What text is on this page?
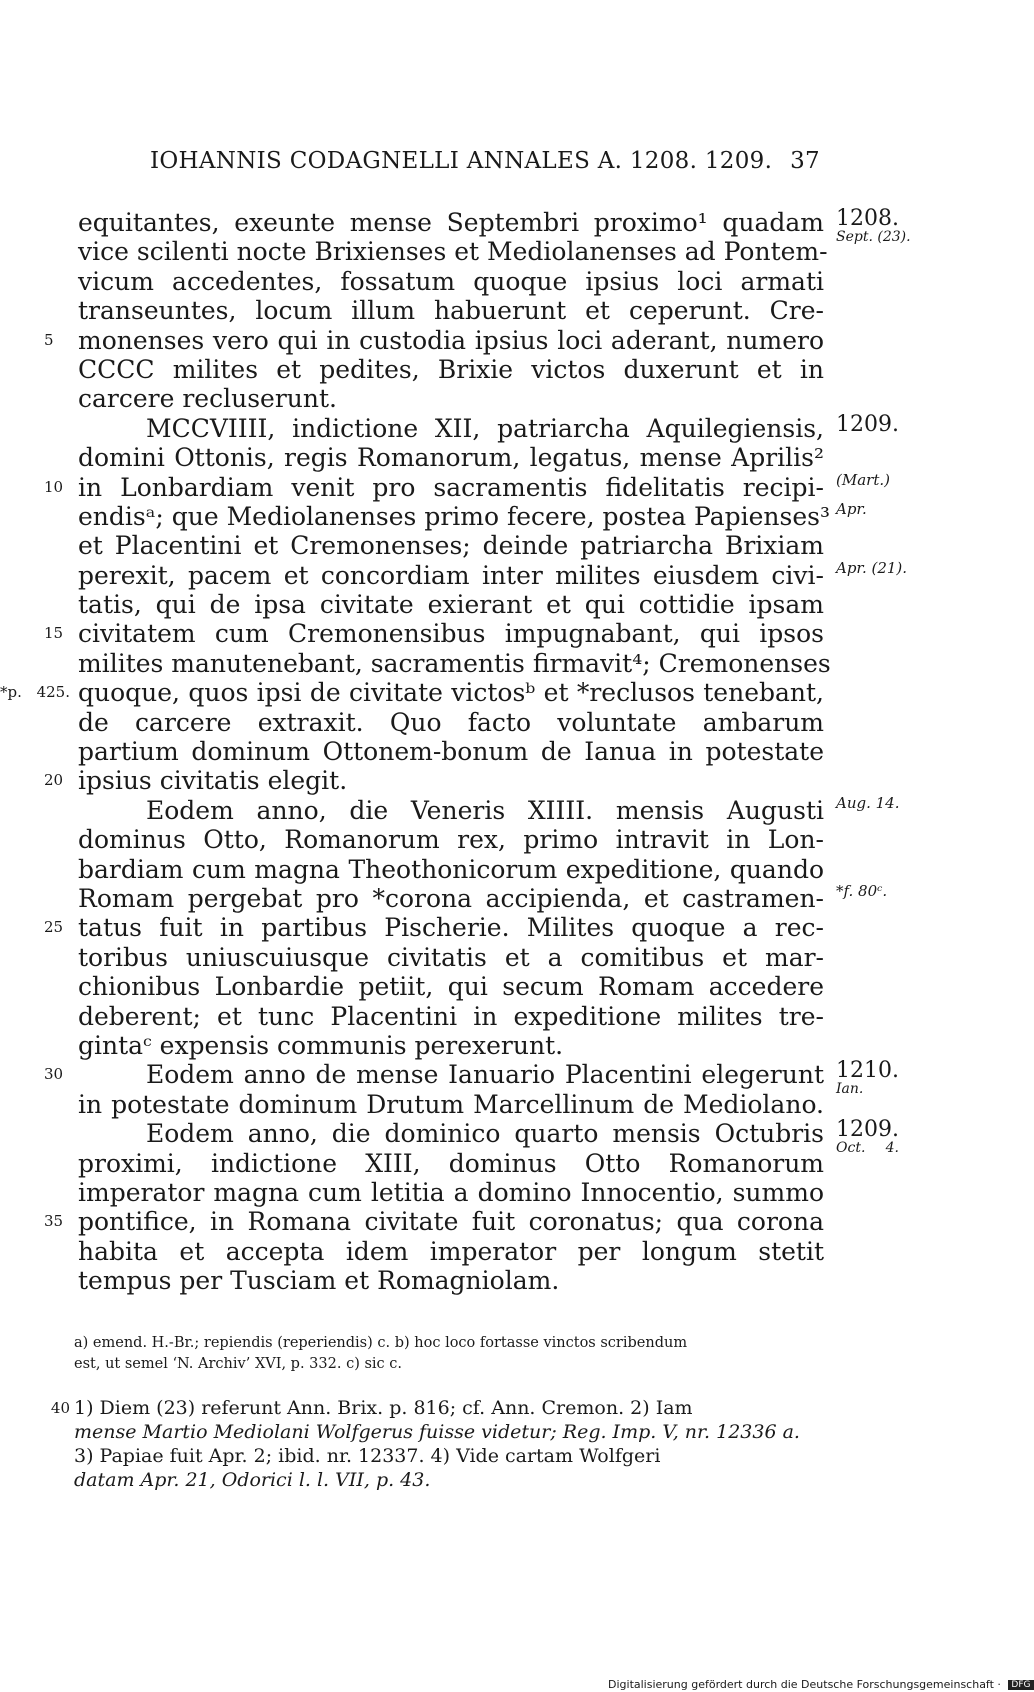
IOHANNIS CODAGNELLI ANNALES A. 1208. 1209. 37
equitantes, exeunte mense Septembri proximo¹ quadam 1208.
Sept. (23).
vice scilenti nocte Brixienses et Mediolanenses ad Pontem-
vicum accedentes, fossatum quoque ipsius loci armati
transeuntes, locum illum habuerunt et ceperunt. Cre-
5 monenses vero qui in custodia ipsius loci aderant, numero
CCCC milites et pedites, Brixie victos duxerunt et in
carcere recluserunt.
MCCVIIII, indictione XII, patriarcha Aquilegiensis, 1209.
domini Ottonis, regis Romanorum, legatus, mense Aprilis²
10 in Lonbardiam venit pro sacramentis fidelitatis recipi- (Mart.)
endisᵃ; que Mediolanenses primo fecere, postea Papienses³ Apr.
et Placentini et Cremonenses; deinde patriarcha Brixiam
perexit, pacem et concordiam inter milites eiusdem civi- Apr. (21).
tatis, qui de ipsa civitate exierant et qui cottidie ipsam
15 civitatem cum Cremonensibus impugnabant, qui ipsos
milites manutenebant, sacramentis firmavit⁴; Cremonenses
*p. 425. quoque, quos ipsi de civitate victosᵇ et *reclusos tenebant,
de carcere extraxit. Quo facto voluntate ambarum
partium dominum Ottonem-bonum de Ianua in potestate
20 ipsius civitatis elegit.
Eodem anno, die Veneris XIIII. mensis Augusti Aug. 14.
dominus Otto, Romanorum rex, primo intravit in Lon-
bardiam cum magna Theothonicorum expeditione, quando
Romam pergebat pro *corona accipienda, et castramen- *f. 80ᶜ.
25 tatus fuit in partibus Pischerie. Milites quoque a rec-
toribus uniuscuiusque civitatis et a comitibus et mar-
chionibus Lonbardie petiit, qui secum Romam accedere
deberent; et tunc Placentini in expeditione milites tre-
gintaᶜ expensis communis perexerunt.
30	Eodem anno de mense Ianuario Placentini elegerunt 1210.
Ian.
in potestate dominum Drutum Marcellinum de Mediolano.
Eodem anno, die dominico quarto mensis Octubris 1209.
Oct. 4.
proximi, indictione XIII, dominus Otto Romanorum
imperator magna cum letitia a domino Innocentio, summo
35 pontifice, in Romana civitate fuit coronatus; qua corona
habita et accepta idem imperator per longum stetit
tempus per Tusciam et Romagniolam.
a) emend. H.-Br.; repiendis (reperiendis) c. b) hoc loco fortasse vinctos scribendum
est, ut semel ‘N. Archiv’ XVI, p. 332. c) sic c.
40 1) Diem (23) referunt Ann. Brix. p. 816; cf. Ann. Cremon. 2) Iam
mense Martio Mediolani Wolfgerus fuisse videtur; Reg. Imp. V, nr. 12336 a.
3) Papiae fuit Apr. 2; ibid. nr. 12337. 4) Vide cartam Wolfgeri
datam Apr. 21, Odorici l. l. VII, p. 43.
Digitalisierung gefördert durch die Deutsche Forschungsgemeinschaft · DFG
